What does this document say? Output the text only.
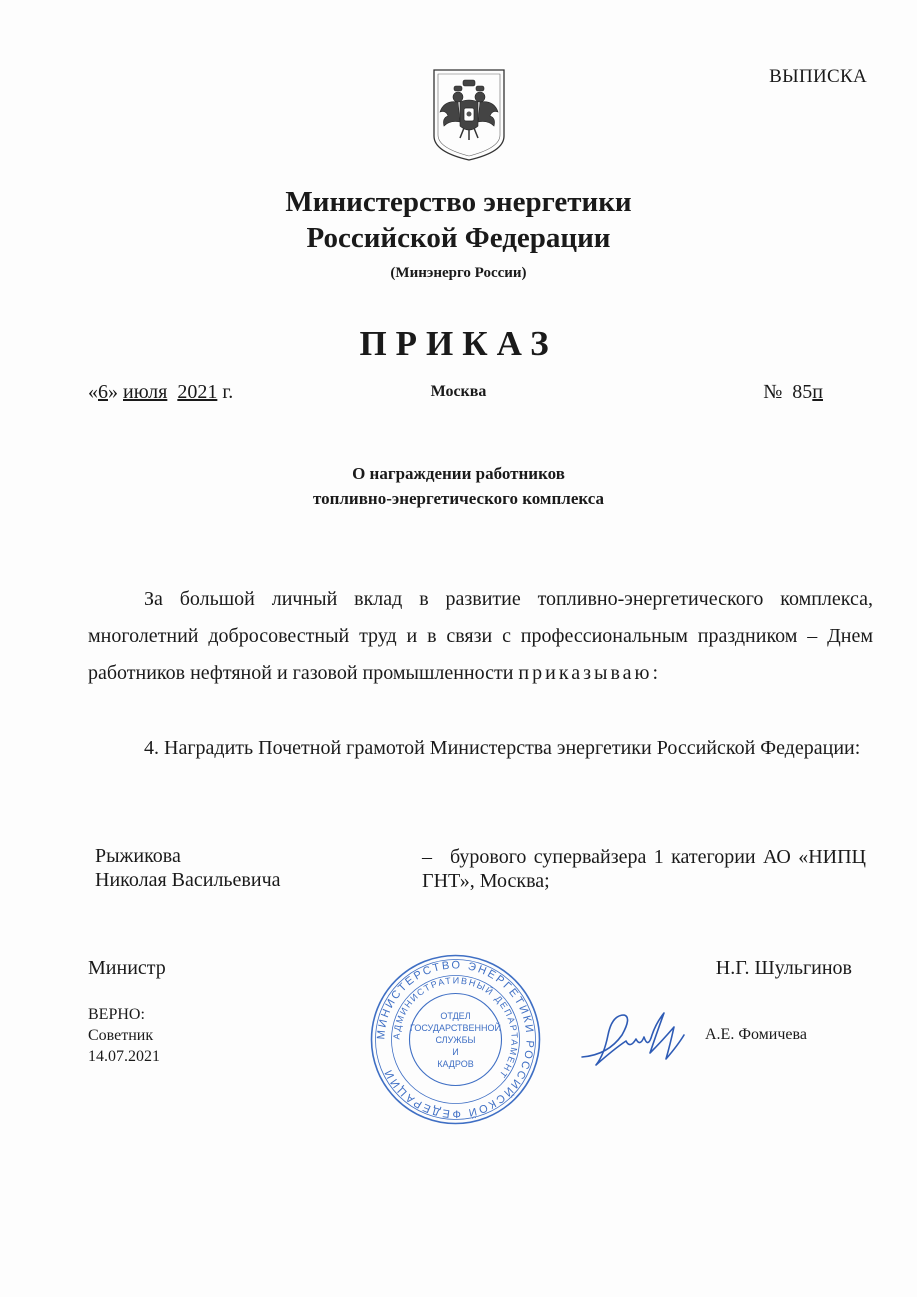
ВЫПИСКА
Министерство энергетики
Российской Федерации
(Минэнерго России)
ПРИКАЗ
«6» июля 2021 г.	Москва	№ 85п
О награждении работников
топливно-энергетического комплекса
За большой личный вклад в развитие топливно-энергетического комплекса, многолетний добросовестный труд и в связи с профессиональным праздником – Днем работников нефтяной и газовой промышленности приказываю:
4. Наградить Почетной грамотой Министерства энергетики Российской Федерации:
Рыжикова
Николая Васильевича
– бурового супервайзера 1 категории АО «НИПЦ ГНТ», Москва;
Министр	Н.Г. Шульгинов
ВЕРНО:
Советник
14.07.2021
МИНИСТЕРСТВО ЭНЕРГЕТИКИ РОССИЙСКОЙ ФЕДЕРАЦИИ
АДМИНИСТРАТИВНЫЙ ДЕПАРТАМЕНТ
ОТДЕЛ
ГОСУДАРСТВЕННОЙ
СЛУЖБЫ
И
КАДРОВ
А.Е. Фомичева
